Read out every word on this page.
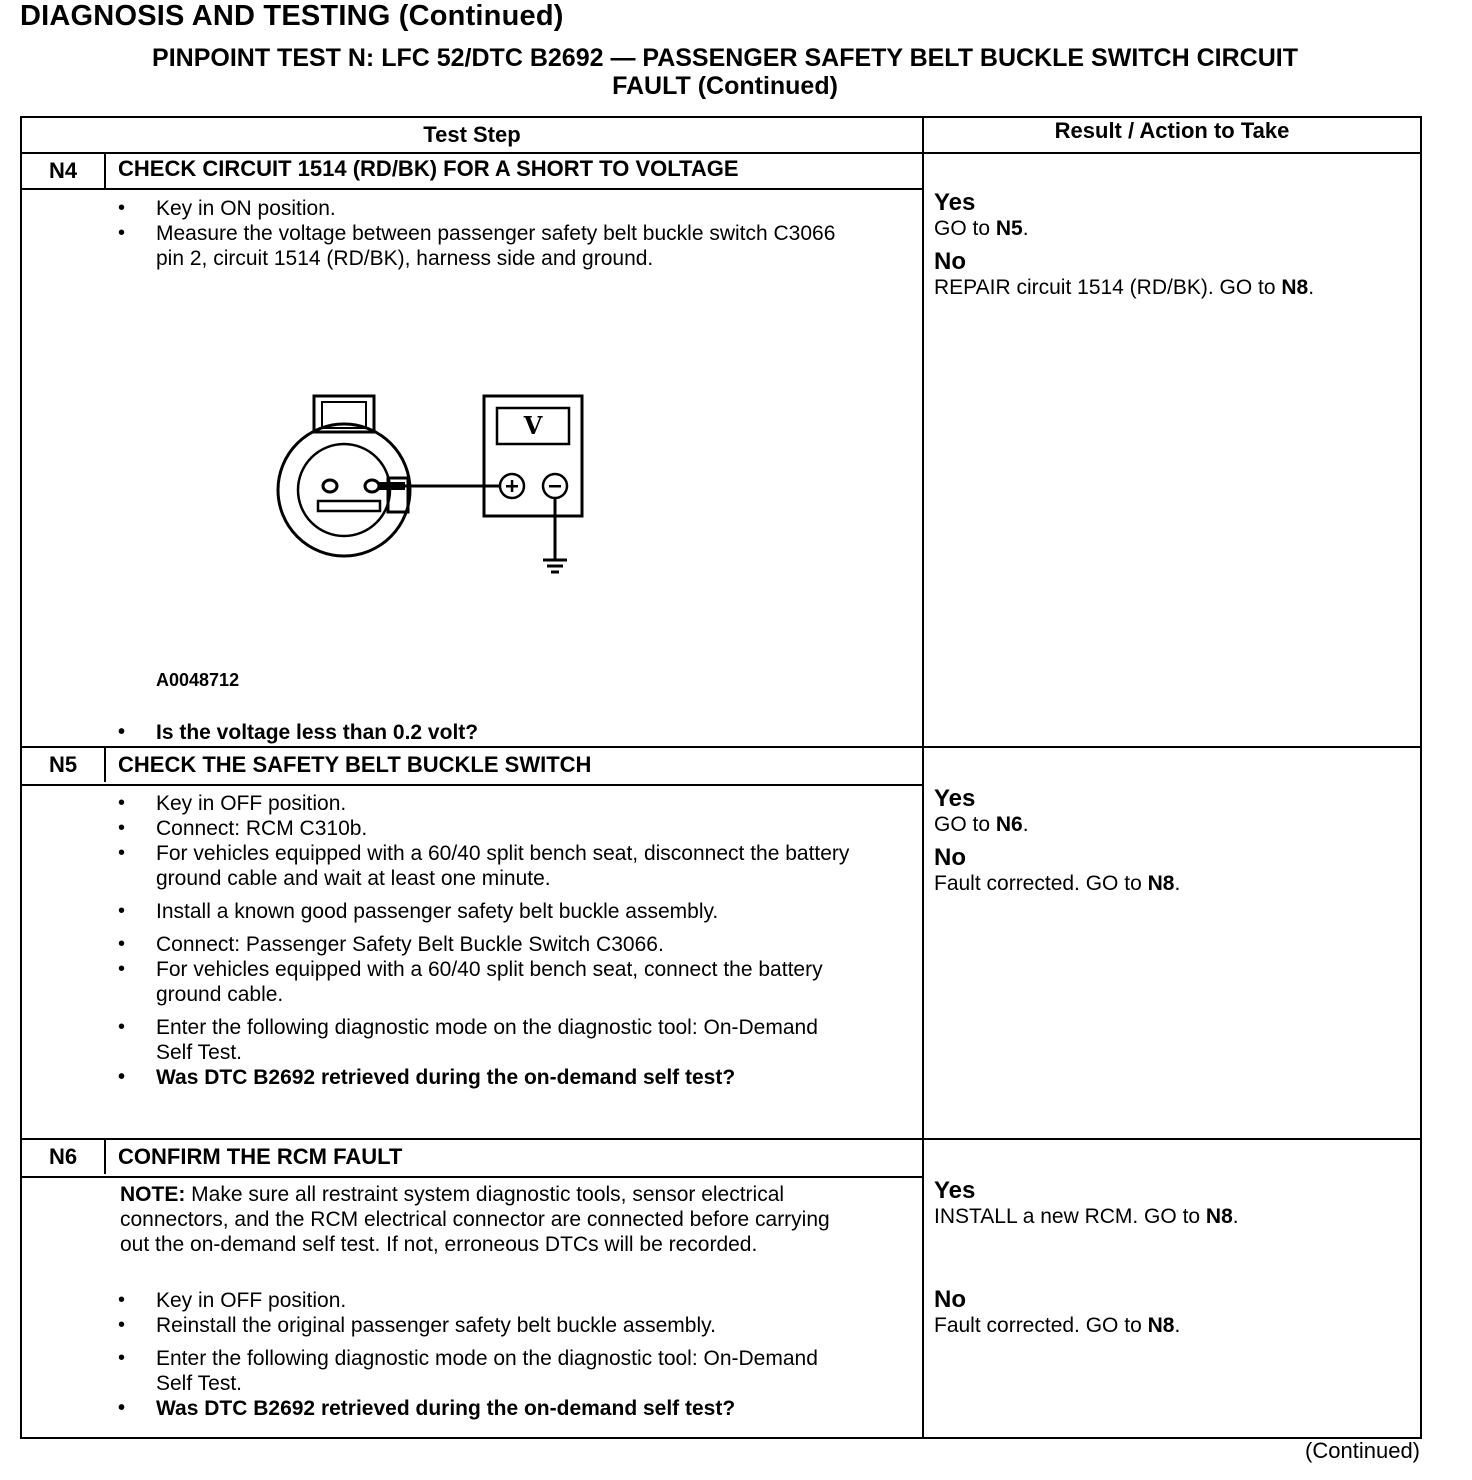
DIAGNOSIS AND TESTING (Continued)
PINPOINT TEST N: LFC 52/DTC B2692 — PASSENGER SAFETY BELT BUCKLE SWITCH CIRCUIT
FAULT (Continued)
Test Step	Result / Action to Take
N4	CHECK CIRCUIT 1514 (RD/BK) FOR A SHORT TO VOLTAGE
• Key in ON position.
• Measure the voltage between passenger safety belt buckle switch C3066 pin 2, circuit 1514 (RD/BK), harness side and ground.
V
A0048712
• Is the voltage less than 0.2 volt?

Yes

GO to N5.

No

REPAIR circuit 1514 (RD/BK). GO to N8.

N5	CHECK THE SAFETY BELT BUCKLE SWITCH
• Key in OFF position.
• Connect: RCM C310b.
• For vehicles equipped with a 60/40 split bench seat, disconnect the battery ground cable and wait at least one minute.
• Install a known good passenger safety belt buckle assembly.
• Connect: Passenger Safety Belt Buckle Switch C3066.
• For vehicles equipped with a 60/40 split bench seat, connect the battery ground cable.
• Enter the following diagnostic mode on the diagnostic tool: On-Demand Self Test.
• Was DTC B2692 retrieved during the on-demand self test?

Yes

GO to N6.

No

Fault corrected. GO to N8.

N6	CONFIRM THE RCM FAULT
NOTE: Make sure all restraint system diagnostic tools, sensor electrical connectors, and the RCM electrical connector are connected before carrying out the on-demand self test. If not, erroneous DTCs will be recorded.
• Key in OFF position.
• Reinstall the original passenger safety belt buckle assembly.
• Enter the following diagnostic mode on the diagnostic tool: On-Demand Self Test.
• Was DTC B2692 retrieved during the on-demand self test?

Yes

INSTALL a new RCM. GO to N8.

No

Fault corrected. GO to N8.

(Continued)
